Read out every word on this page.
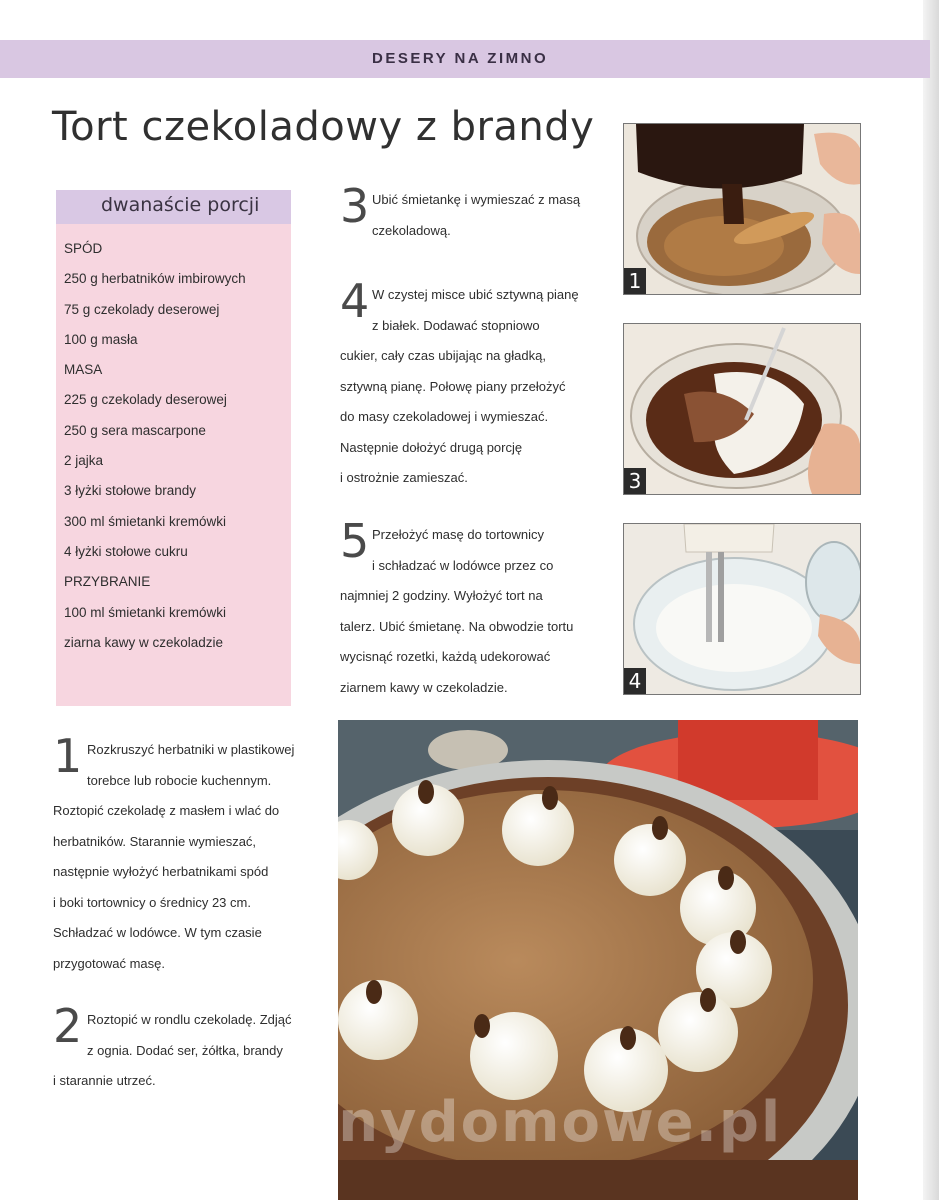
DESERY NA ZIMNO
Tort czekoladowy z brandy
dwanaście porcji
SPÓD
250 g herbatników imbirowych
75 g czekolady deserowej
100 g masła
MASA
225 g czekolady deserowej
250 g sera mascarpone
2 jajka
3 łyżki stołowe brandy
300 ml śmietanki kremówki
4 łyżki stołowe cukru
PRZYBRANIE
100 ml śmietanki kremówki
ziarna kawy w czekoladzie
3 Ubić śmietankę i wymieszać z masą
czekoladową.
4 W czystej misce ubić sztywną pianę
z białek. Dodawać stopniowo
cukier, cały czas ubijając na gładką,
sztywną pianę. Połowę piany przełożyć
do masy czekoladowej i wymieszać.
Następnie dołożyć drugą porcję
i ostrożnie zamieszać.
5 Przełożyć masę do tortownicy
i schładzać w lodówce przez co
najmniej 2 godziny. Wyłożyć tort na
talerz. Ubić śmietanę. Na obwodzie tortu
wycisnąć rozetki, każdą udekorować
ziarnem kawy w czekoladzie.
1 Rozkruszyć herbatniki w plastikowej
torebce lub robocie kuchennym.
Roztopić czekoladę z masłem i wlać do
herbatników. Starannie wymieszać,
następnie wyłożyć herbatnikami spód
i boki tortownicy o średnicy 23 cm.
Schładzać w lodówce. W tym czasie
przygotować masę.
2 Roztopić w rondlu czekoladę. Zdjąć
z ognia. Dodać ser, żółtka, brandy
i starannie utrzeć.
1
3
4
wedlinydomowe.pl
